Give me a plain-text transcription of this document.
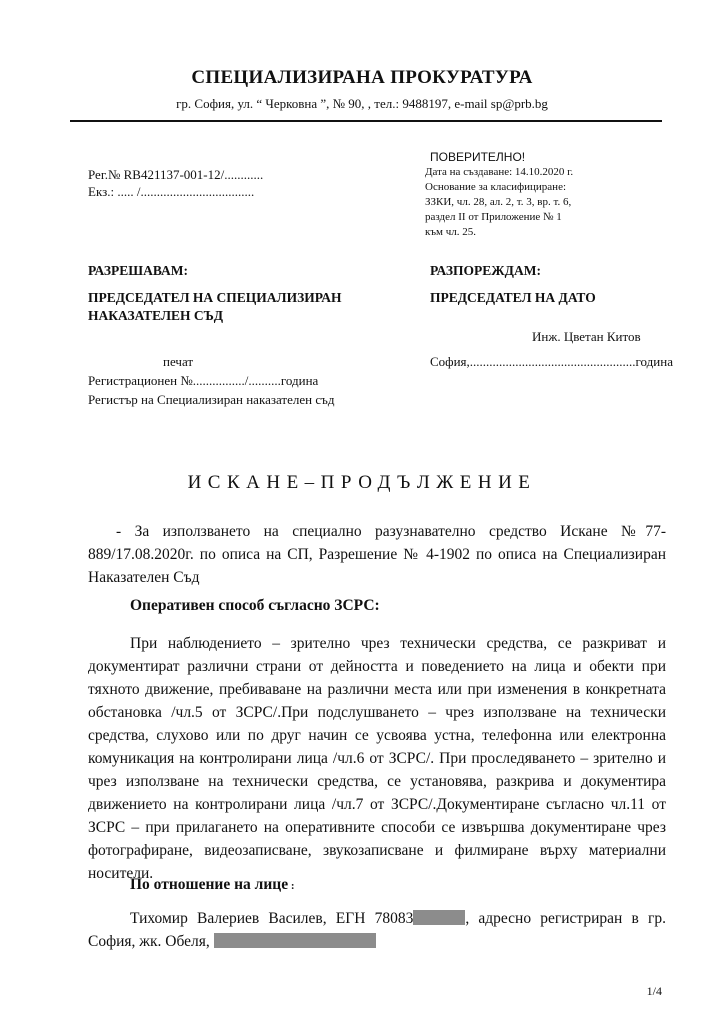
СПЕЦИАЛИЗИРАНА ПРОКУРАТУРА
гр. София, ул. “ Черковна ”, № 90, , тел.: 9488197, e-mail sp@prb.bg
Рег.№ RB421137-001-12/............
Екз.: ..... /...................................
ПОВЕРИТЕЛНО!
Дата на създаване: 14.10.2020 г.
Основание за класифициране:
ЗЗКИ, чл. 28, ал. 2, т. 3, вр. т. 6,
раздел II от Приложение № 1
към чл. 25.
РАЗРЕШАВАМ:
ПРЕДСЕДАТЕЛ НА СПЕЦИАЛИЗИРАН
НАКАЗАТЕЛЕН СЪД
печат
Регистрационен №................/..........година
Регистър на Специализиран наказателен съд
РАЗПОРЕЖДАМ:
ПРЕДСЕДАТЕЛ НА ДАТО
Инж. Цветан Китов
София,...................................................година
ИСКАНЕ–ПРОДЪЛЖЕНИЕ

- За използването на специално разузнавателно средство Искане №77-889/17.08.2020г. по описа на СП, Разрешение № 4-1902 по описа на Специализиран Наказателен Съд

Оперативен способ съгласно ЗСРС:

При наблюдението – зрително чрез технически средства, се разкриват и документират различни страни от дейността и поведението на лица и обекти при тяхното движение, пребиваване на различни места или при изменения в конкретната обстановка /чл.5 от ЗСРС/.При подслушването – чрез използване на технически средства, слухово или по друг начин се усвоява устна, телефонна или електронна комуникация на контролирани лица /чл.6 от ЗСРС/. При проследяването – зрително и чрез използване на технически средства, се установява, разкрива и документира движението на контролирани лица /чл.7 от ЗСРС/.Документиране съгласно чл.11 от ЗСРС – при прилагането на оперативните способи се извършва документиране чрез фотографиране, видеозаписване, звукозаписване и филмиране върху материални носители.

По отношение на лице :

Тихомир Валериев Василев, ЕГН 78083	, адресно регистриран в гр. София, жк. Обеля,

1/4
